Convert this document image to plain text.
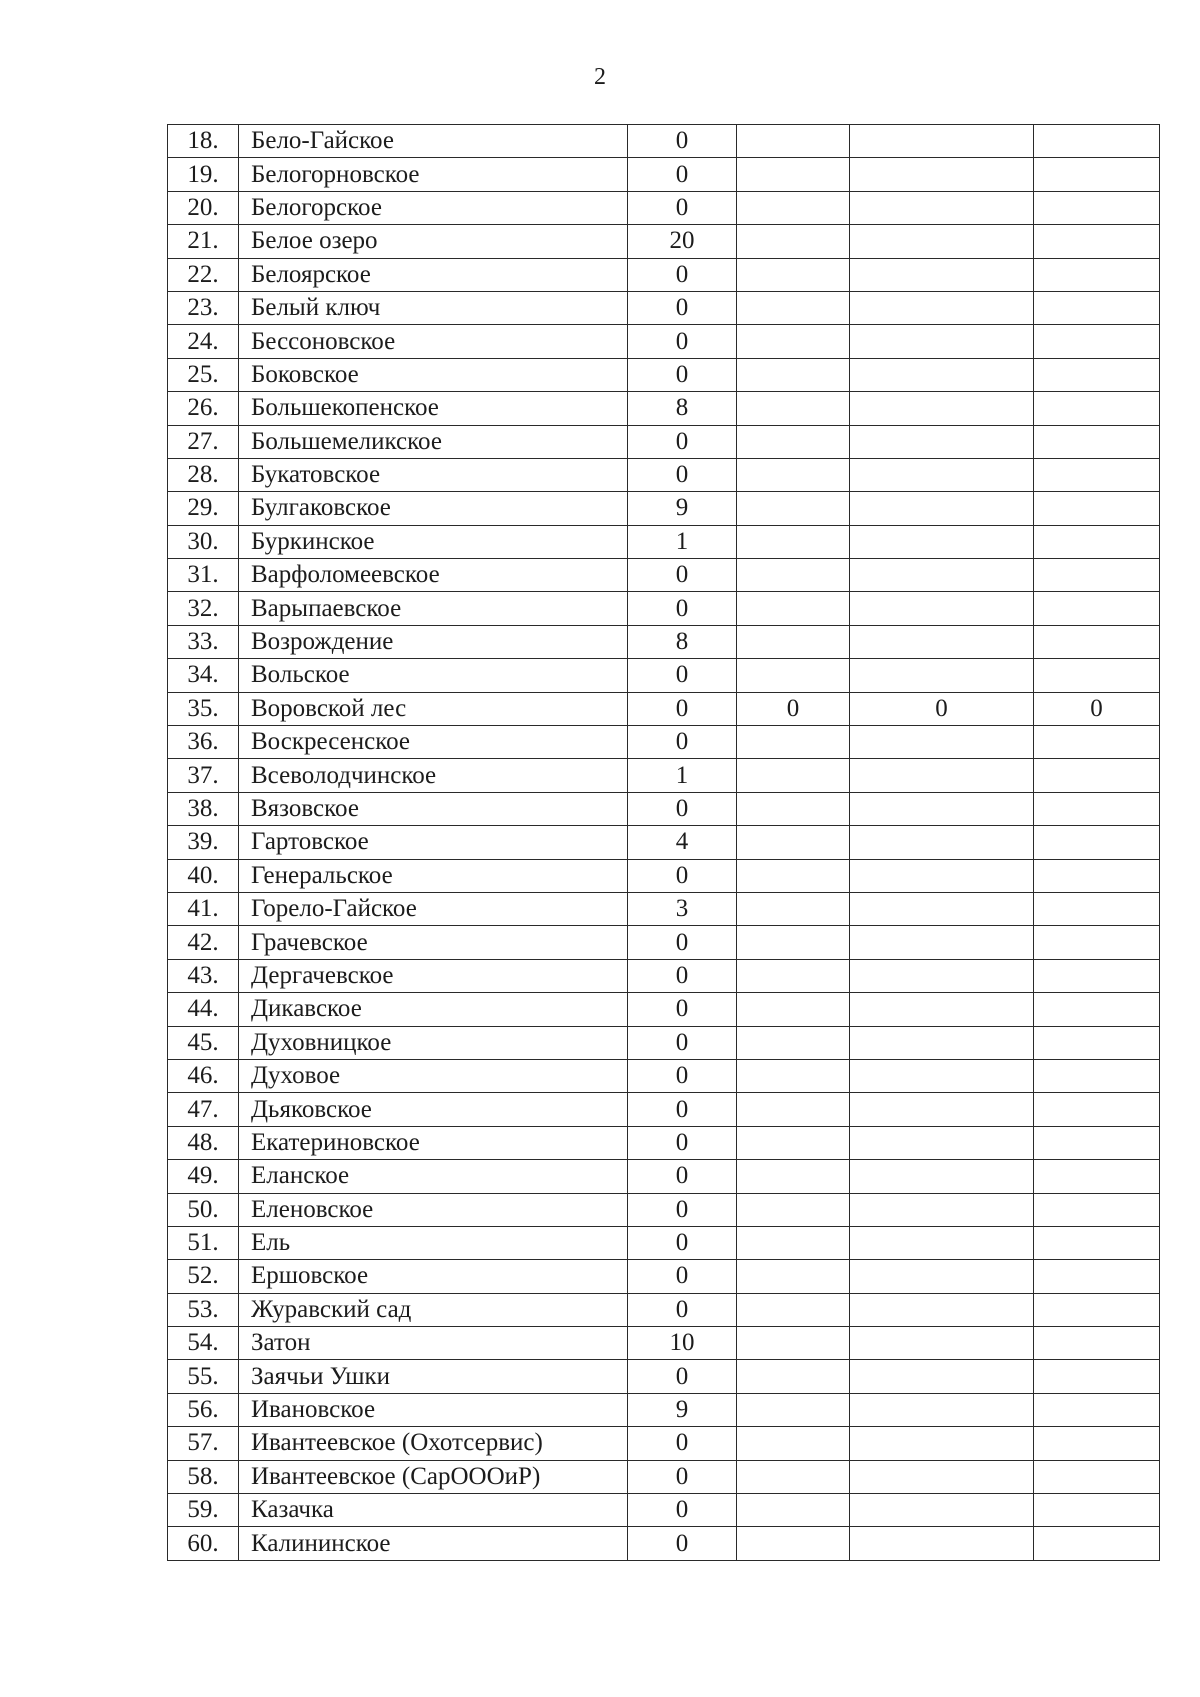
2
18.	Бело-Гайское	0			
19.	Белогорновское	0			
20.	Белогорское	0			
21.	Белое озеро	20			
22.	Белоярское	0			
23.	Белый ключ	0			
24.	Бессоновское	0			
25.	Боковское	0			
26.	Большекопенское	8			
27.	Большемеликское	0			
28.	Букатовское	0			
29.	Булгаковское	9			
30.	Буркинское	1			
31.	Варфоломеевское	0			
32.	Варыпаевское	0			
33.	Возрождение	8			
34.	Вольское	0			
35.	Воровской лес	0	0	0	0
36.	Воскресенское	0			
37.	Всеволодчинское	1			
38.	Вязовское	0			
39.	Гартовское	4			
40.	Генеральское	0			
41.	Горело-Гайское	3			
42.	Грачевское	0			
43.	Дергачевское	0			
44.	Дикавское	0			
45.	Духовницкое	0			
46.	Духовое	0			
47.	Дьяковское	0			
48.	Екатериновское	0			
49.	Еланское	0			
50.	Еленовское	0			
51.	Ель	0			
52.	Ершовское	0			
53.	Журавский сад	0			
54.	Затон	10			
55.	Заячьи Ушки	0			
56.	Ивановское	9			
57.	Ивантеевское (Охотсервис)	0			
58.	Ивантеевское (СарОООиР)	0			
59.	Казачка	0			
60.	Калининское	0			
